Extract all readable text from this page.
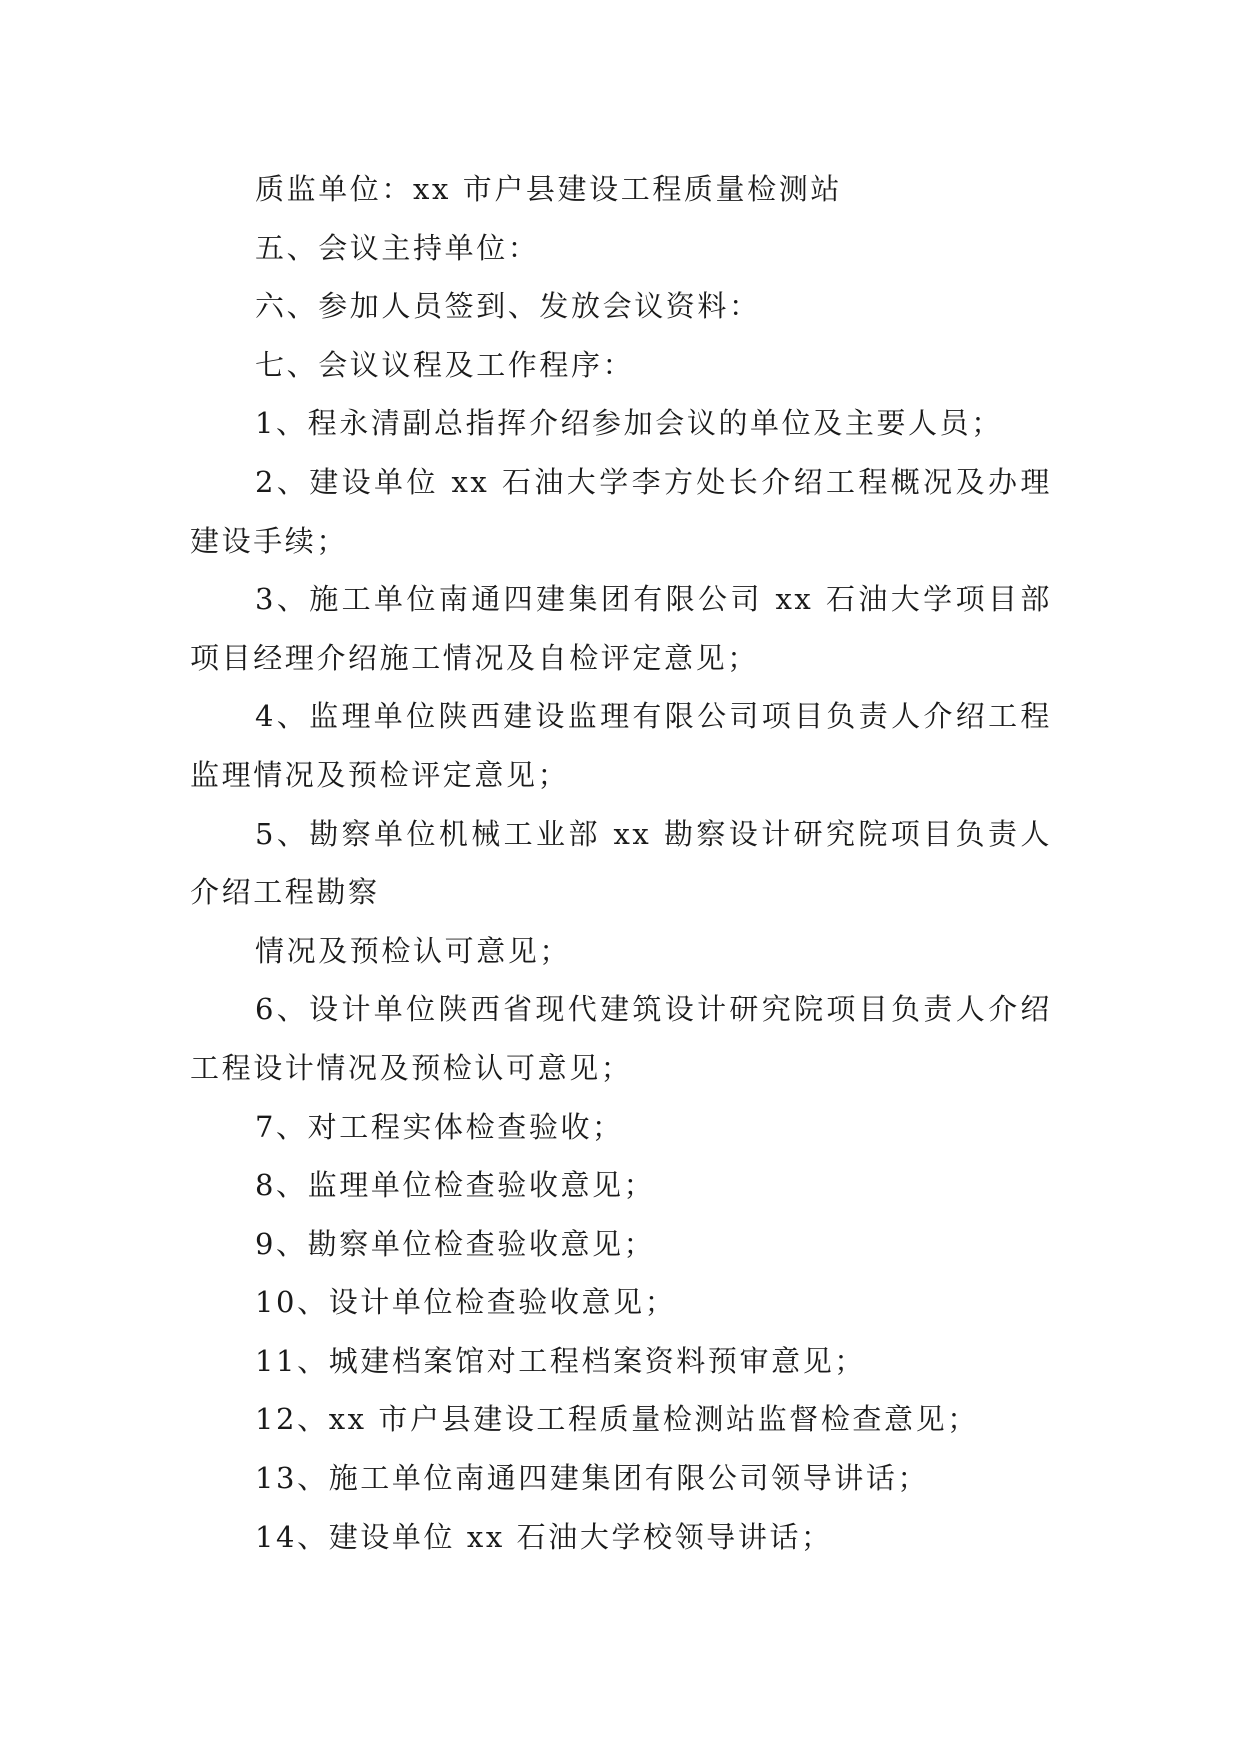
质监单位：xx 市户县建设工程质量检测站

五、会议主持单位：

六、参加人员签到、发放会议资料：

七、会议议程及工作程序：

1、程永清副总指挥介绍参加会议的单位及主要人员；

2、建设单位 xx 石油大学李方处长介绍工程概况及办理建设手续；

3、施工单位南通四建集团有限公司 xx 石油大学项目部项目经理介绍施工情况及自检评定意见；

4、监理单位陕西建设监理有限公司项目负责人介绍工程监理情况及预检评定意见；

5、勘察单位机械工业部 xx 勘察设计研究院项目负责人介绍工程勘察

情况及预检认可意见；

6、设计单位陕西省现代建筑设计研究院项目负责人介绍工程设计情况及预检认可意见；

7、对工程实体检查验收；

8、监理单位检查验收意见；

9、勘察单位检查验收意见；

10、设计单位检查验收意见；

11、城建档案馆对工程档案资料预审意见；

12、xx 市户县建设工程质量检测站监督检查意见；

13、施工单位南通四建集团有限公司领导讲话；

14、建设单位 xx 石油大学校领导讲话；
